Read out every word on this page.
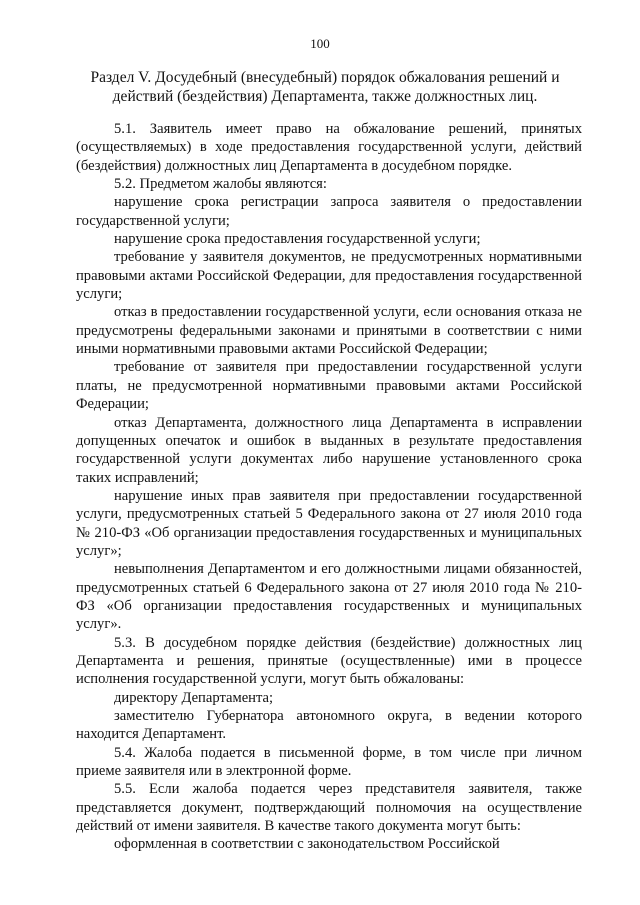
100
Раздел V. Досудебный (внесудебный) порядок обжалования решений и действий (бездействия) Департамента, также должностных лиц.

5.1. Заявитель имеет право на обжалование решений, принятых (осуществляемых) в ходе предоставления государственной услуги, действий (бездействия) должностных лиц Департамента в досудебном порядке.

5.2. Предметом жалобы являются:

нарушение срока регистрации запроса заявителя о предоставлении государственной услуги;

нарушение срока предоставления государственной услуги;

требование у заявителя документов, не предусмотренных нормативными правовыми актами Российской Федерации, для предоставления государственной услуги;

отказ в предоставлении государственной услуги, если основания отказа не предусмотрены федеральными законами и принятыми в соответствии с ними иными нормативными правовыми актами Российской Федерации;

требование от заявителя при предоставлении государственной услуги платы, не предусмотренной нормативными правовыми актами Российской Федерации;

отказ Департамента, должностного лица Департамента в исправлении допущенных опечаток и ошибок в выданных в результате предоставления государственной услуги документах либо нарушение установленного срока таких исправлений;

нарушение иных прав заявителя при предоставлении государственной услуги, предусмотренных статьей 5 Федерального закона от 27 июля 2010 года № 210-ФЗ «Об организации предоставления государственных и муниципальных услуг»;

невыполнения Департаментом и его должностными лицами обязанностей, предусмотренных статьей 6 Федерального закона от 27 июля 2010 года № 210-ФЗ «Об организации предоставления государственных и муниципальных услуг».

5.3. В досудебном порядке действия (бездействие) должностных лиц Департамента и решения, принятые (осуществленные) ими в процессе исполнения государственной услуги, могут быть обжалованы:

директору Департамента;

заместителю Губернатора автономного округа, в ведении которого находится Департамент.

5.4. Жалоба подается в письменной форме, в том числе при личном приеме заявителя или в электронной форме.

5.5. Если жалоба подается через представителя заявителя, также представляется документ, подтверждающий полномочия на осуществление действий от имени заявителя. В качестве такого документа могут быть:

оформленная в соответствии с законодательством Российской
